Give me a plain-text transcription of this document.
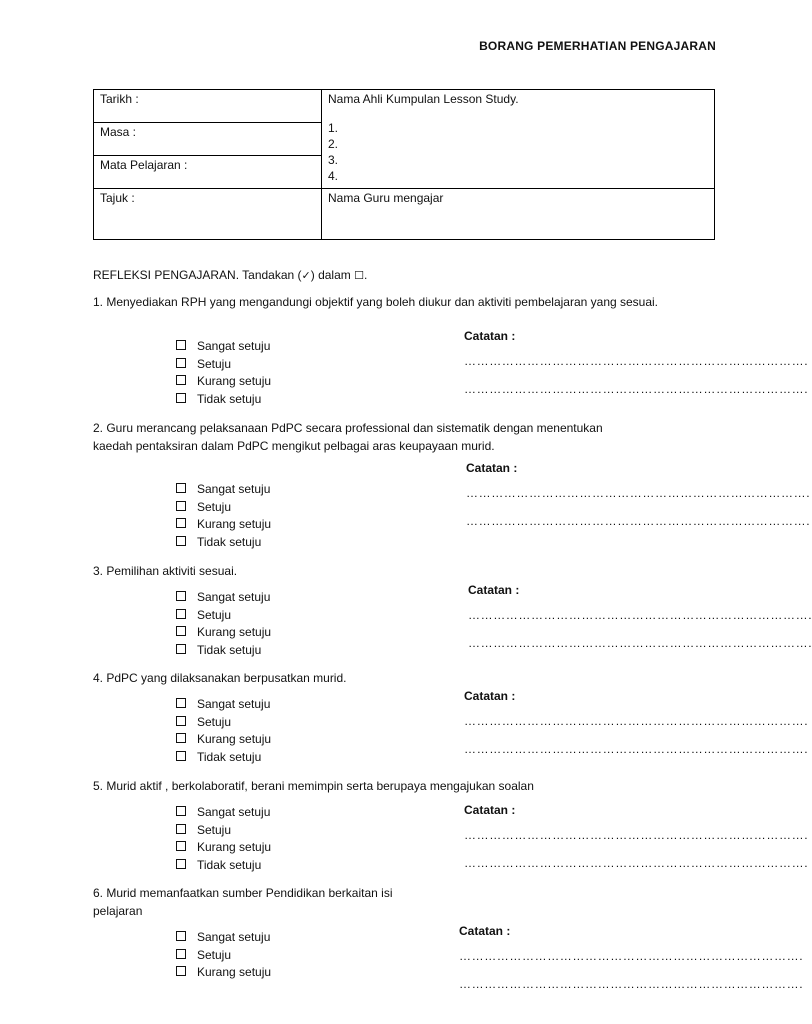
BORANG PEMERHATIAN PENGAJARAN
Tarikh :	Nama Ahli Kumpulan Lesson Study.
1.
2.
3.
4.

Masa :	
Mata Pelajaran :	
Tajuk :	Nama Guru mengajar
REFLEKSI PENGAJARAN. Tandakan (✓) dalam ☐.
1. Menyediakan RPH yang mengandungi objektif yang boleh diukur dan aktiviti pembelajaran yang sesuai.
Sangat setuju
Setuju
Kurang setuju
Tidak setuju
Catatan :
……………………………………………………………………….
……………………………………………………………………….
2. Guru merancang pelaksanaan PdPC secara professional dan sistematik dengan menentukan kaedah pentaksiran dalam PdPC mengikut pelbagai aras keupayaan murid.
Sangat setuju
Setuju
Kurang setuju
Tidak setuju
Catatan :
……………………………………………………………………….
……………………………………………………………………….
3. Pemilihan aktiviti sesuai.
Sangat setuju
Setuju
Kurang setuju
Tidak setuju
Catatan :
……………………………………………………………………….
……………………………………………………………………….
4. PdPC yang dilaksanakan berpusatkan murid.
Sangat setuju
Setuju
Kurang setuju
Tidak setuju
Catatan :
……………………………………………………………………….
……………………………………………………………………….
5. Murid aktif , berkolaboratif, berani memimpin serta berupaya mengajukan soalan
Sangat setuju
Setuju
Kurang setuju
Tidak setuju
Catatan :
……………………………………………………………………….
……………………………………………………………………….
6. Murid memanfaatkan sumber Pendidikan berkaitan isi pelajaran
Sangat setuju
Setuju
Kurang setuju
Catatan :
……………………………………………………………………….
……………………………………………………………………….
